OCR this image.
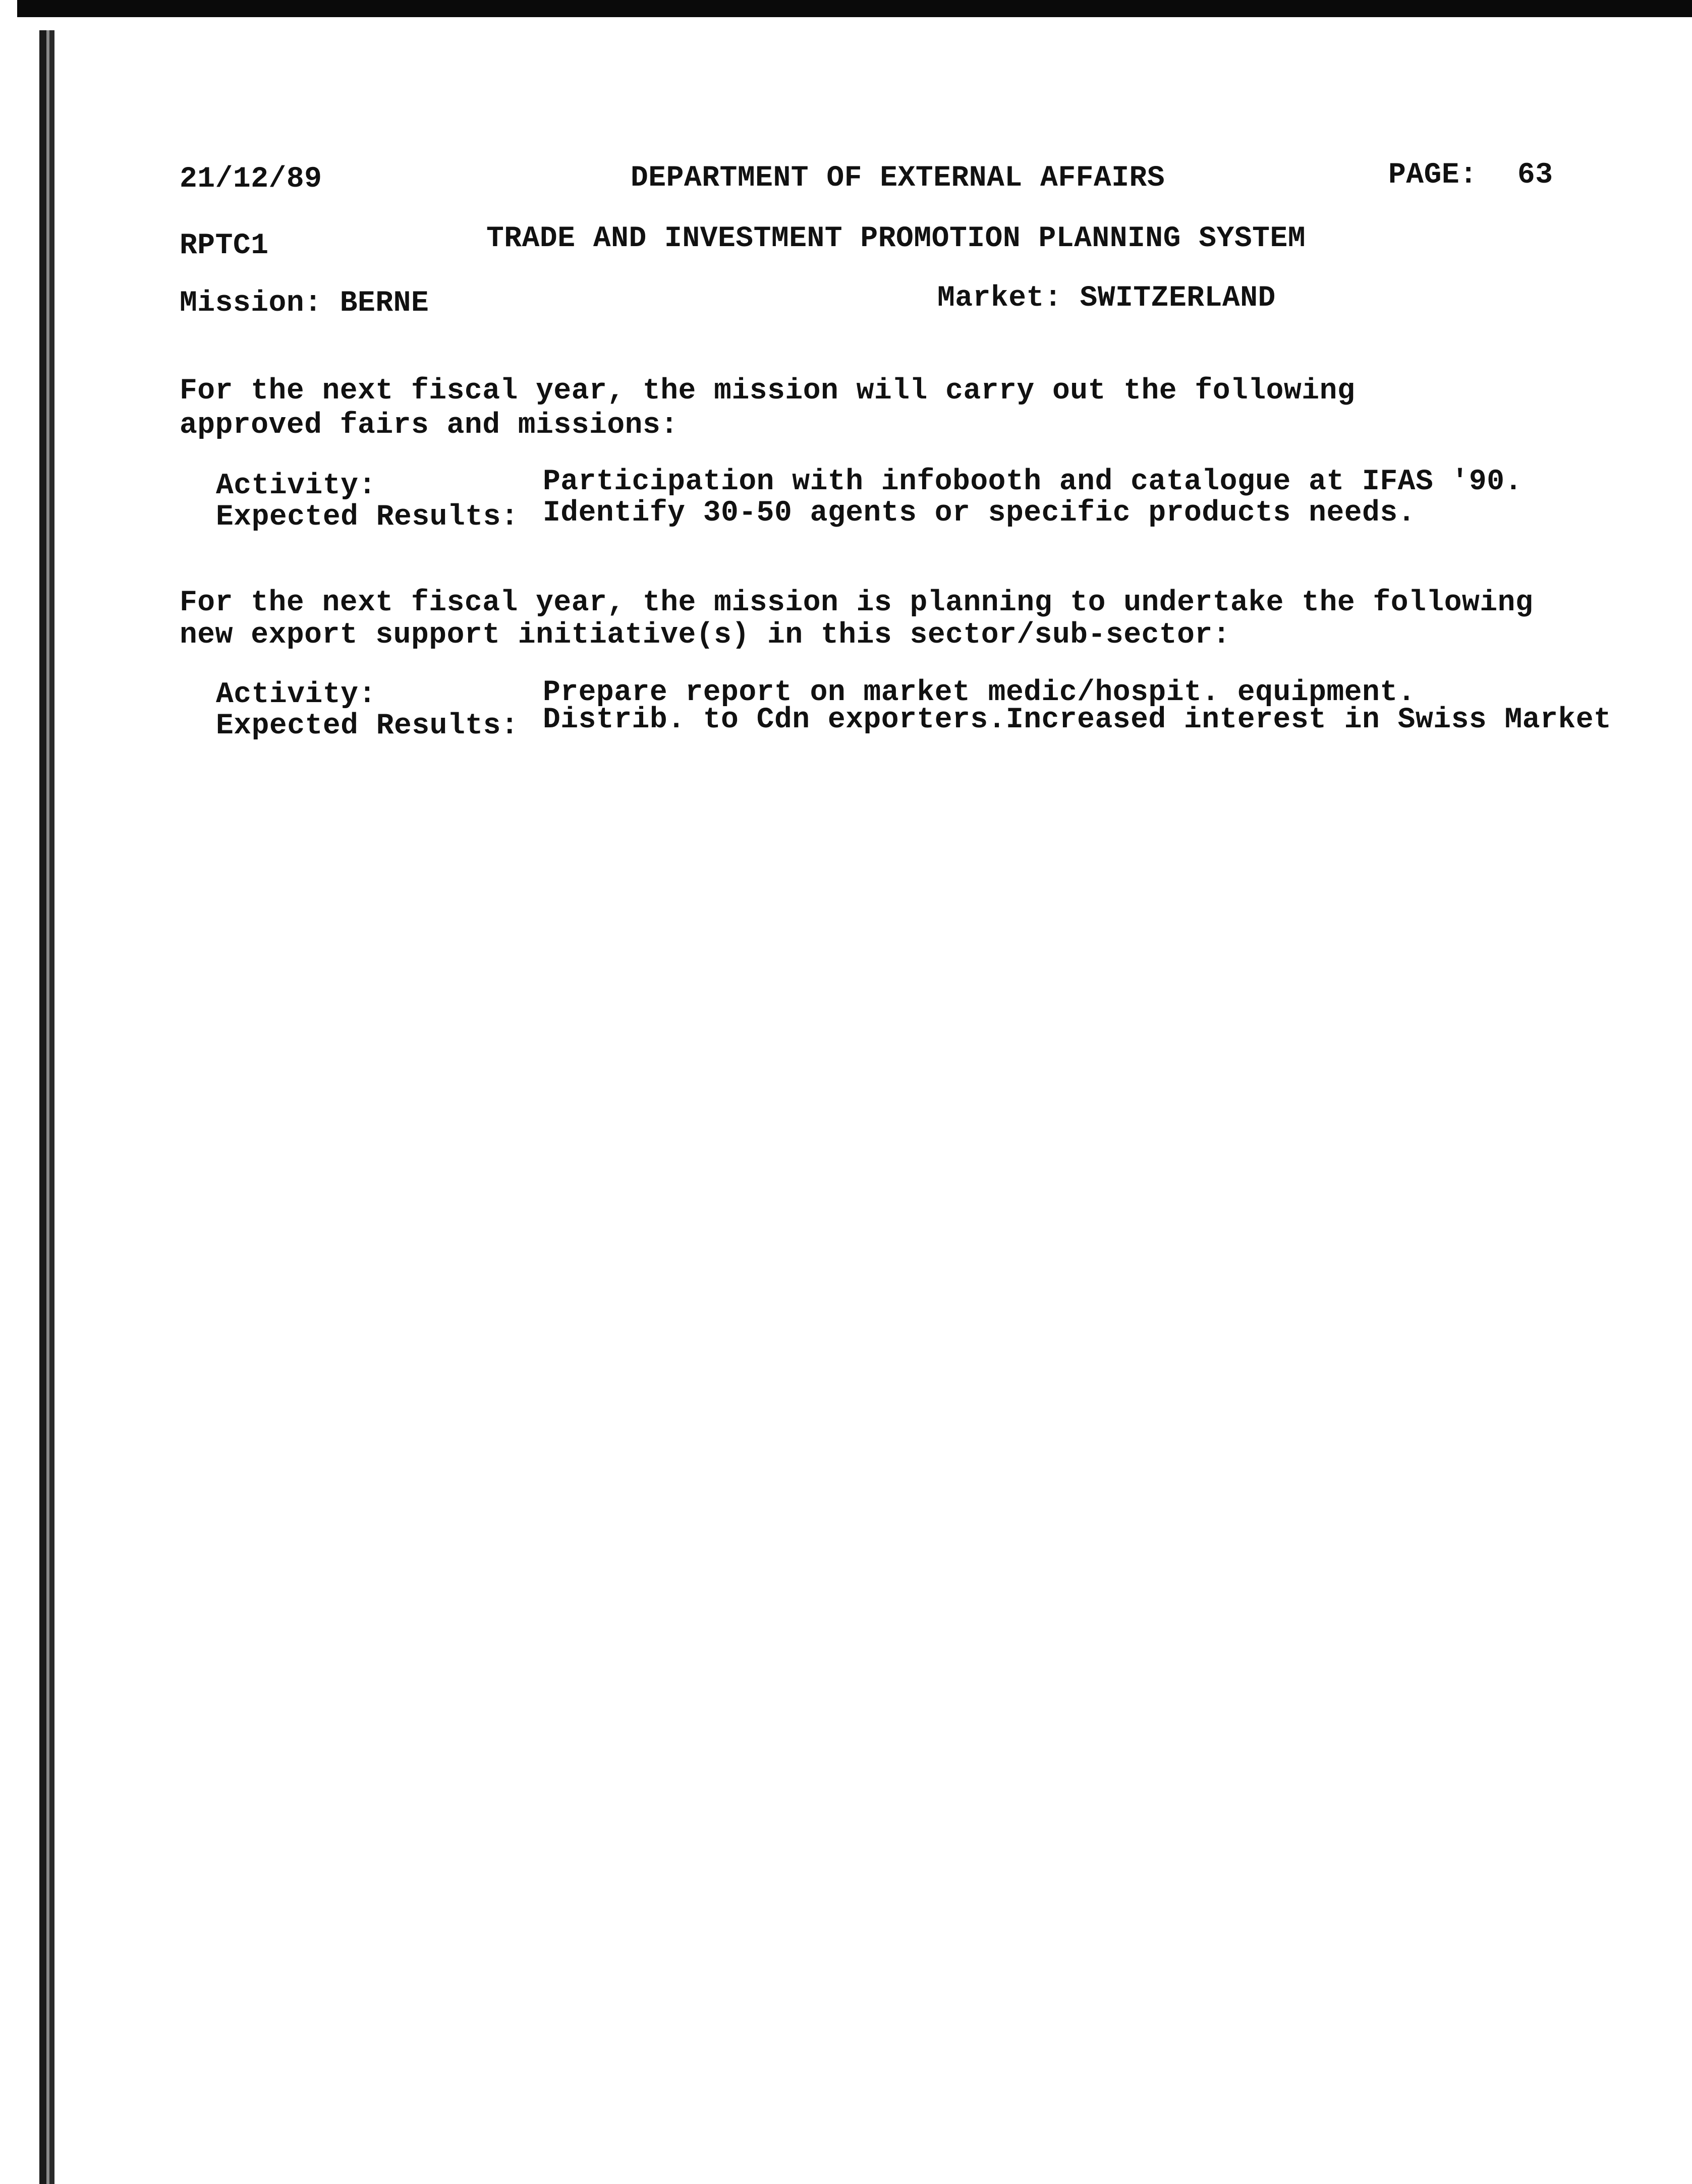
21/12/89	DEPARTMENT OF EXTERNAL AFFAIRS	PAGE: 63
RPTC1	TRADE AND INVESTMENT PROMOTION PLANNING SYSTEM
Mission: BERNE	Market: SWITZERLAND
For the next fiscal year, the mission will carry out the following
approved fairs and missions:
Activity:	Participation with infobooth and catalogue at IFAS '90.
Expected Results: Identify 30-50 agents or specific products needs.
For the next fiscal year, the mission is planning to undertake the following
new export support initiative(s) in this sector/sub-sector:
Activity:	Prepare report on market medic/hospit. equipment.
Expected Results: Distrib. to Cdn exporters.Increased interest in Swiss Market
